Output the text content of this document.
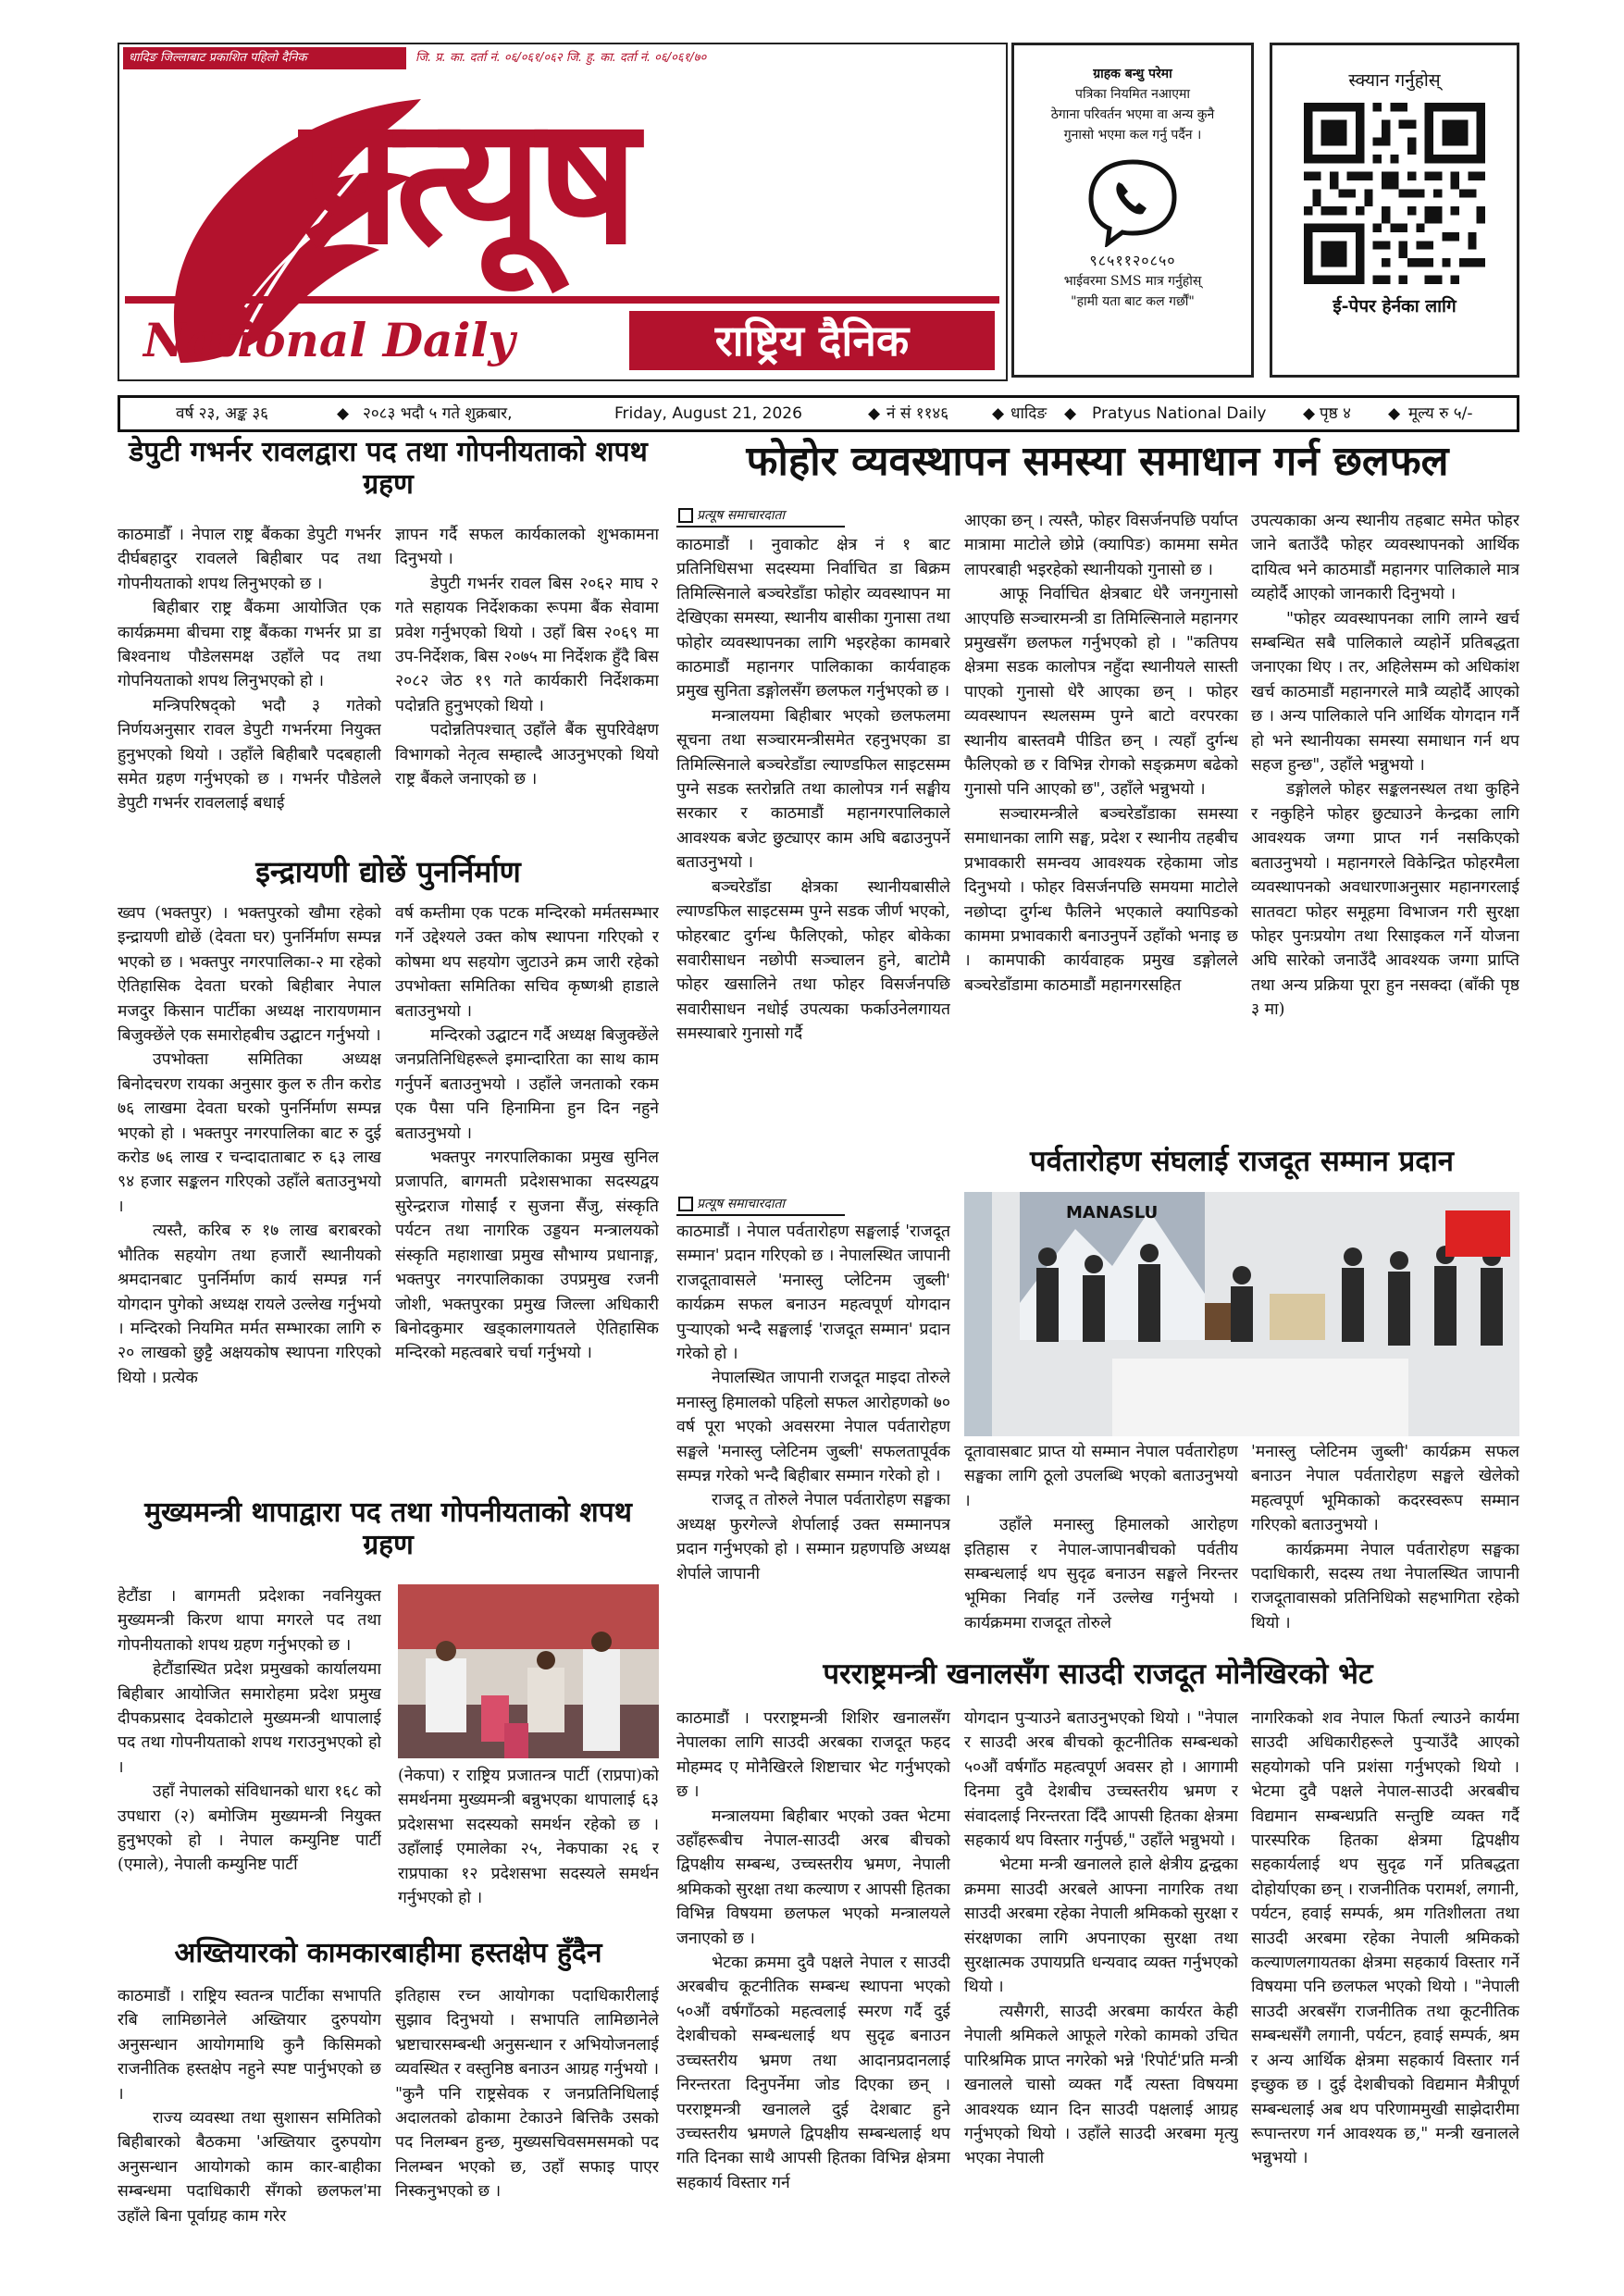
धादिङ जिल्लाबाट प्रकाशित पहिलो दैनिक	जि. प्र. का. दर्ता नं. ०६/०६१/०६२ जि. हु. का. दर्ता नं. ०६/०६१/७०
प्रत्यूष
National Daily	राष्ट्रिय दैनिक
ग्राहक बन्धु परेमा
पत्रिका नियमित नआएमा
ठेगाना परिवर्तन भएमा वा अन्य कुनै
गुनासो भएमा कल गर्नु पर्दैन ।
९८५११२०८५०
भाईवरमा SMS मात्र गर्नुहोस्
"हामी यता बाट कल गर्छौं"
स्क्यान गर्नुहोस्
ई-पेपर हेर्नका लागि
वर्ष २३, अङ्क ३६	◆ २०८३ भदौ ५ गते शुक्रबार,	Friday, August 21, 2026	◆ नं सं ११४६	◆ धादिङ ◆ Pratyus National Daily ◆ पृष्ठ ४ ◆ मूल्य रु ५/-
डेपुटी गभर्नर रावलद्वारा पद तथा गोपनीयताको शपथ ग्रहण

काठमाडौँ । नेपाल राष्ट्र बैंकका डेपुटी गभर्नर दीर्घबहादुर रावलले बिहीबार पद तथा गोपनीयताको शपथ लिनुभएको छ ।

बिहीबार राष्ट्र बैंकमा आयोजित एक कार्यक्रममा बीचमा राष्ट्र बैंकका गभर्नर प्रा डा बिश्वनाथ पौडेलसमक्ष उहाँले पद तथा गोपनियताको शपथ लिनुभएको हो ।

मन्त्रिपरिषद्को भदौ ३ गतेको निर्णयअनुसार रावल डेपुटी गभर्नरमा नियुक्त हुनुभएको थियो । उहाँले बिहीबारै पदबहाली समेत ग्रहण गर्नुभएको छ । गभर्नर पौडेलले डेपुटी गभर्नर रावललाई बधाई

ज्ञापन गर्दै सफल कार्यकालको शुभकामना दिनुभयो ।

डेपुटी गभर्नर रावल बिस २०६२ माघ २ गते सहायक निर्देशकका रूपमा बैंक सेवामा प्रवेश गर्नुभएको थियो । उहाँ बिस २०६९ मा उप-निर्देशक, बिस २०७५ मा निर्देशक हुँदै बिस २०८२ जेठ १९ गते कार्यकारी निर्देशकमा पदोन्नति हुनुभएको थियो ।

पदोन्नतिपश्चात् उहाँले बैंक सुपरिवेक्षण विभागको नेतृत्व सम्हाल्दै आउनुभएको थियो राष्ट्र बैंकले जनाएको छ ।

इन्द्रायणी द्योछें पुनर्निर्माण

ख्वप (भक्तपुर) । भक्तपुरको खौमा रहेको इन्द्रायणी द्योछें (देवता घर) पुनर्निर्माण सम्पन्न भएको छ । भक्तपुर नगरपालिका-२ मा रहेको ऐतिहासिक देवता घरको बिहीबार नेपाल मजदुर किसान पार्टीका अध्यक्ष नारायणमान बिजुक्छेंले एक समारोहबीच उद्घाटन गर्नुभयो ।

उपभोक्ता समितिका अध्यक्ष बिनोदचरण रायका अनुसार कुल रु तीन करोड ७६ लाखमा देवता घरको पुनर्निर्माण सम्पन्न भएको हो । भक्तपुर नगरपालिका बाट रु दुई करोड ७६ लाख र चन्दादाताबाट रु ६३ लाख ९४ हजार सङ्कलन गरिएको उहाँले बताउनुभयो ।

त्यस्तै, करिब रु १७ लाख बराबरको भौतिक सहयोग तथा हजारौं स्थानीयको श्रमदानबाट पुनर्निर्माण कार्य सम्पन्न गर्न योगदान पुगेको अध्यक्ष रायले उल्लेख गर्नुभयो । मन्दिरको नियमित मर्मत सम्भारका लागि रु २० लाखको छुट्टै अक्षयकोष स्थापना गरिएको थियो । प्रत्येक

वर्ष कम्तीमा एक पटक मन्दिरको मर्मतसम्भार गर्ने उद्देश्यले उक्त कोष स्थापना गरिएको र कोषमा थप सहयोग जुटाउने क्रम जारी रहेको उपभोक्ता समितिका सचिव कृष्णश्री हाडाले बताउनुभयो ।

मन्दिरको उद्घाटन गर्दै अध्यक्ष बिजुक्छेंले जनप्रतिनिधिहरूले इमान्दारिता का साथ काम गर्नुपर्ने बताउनुभयो । उहाँले जनताको रकम एक पैसा पनि हिनामिना हुन दिन नहुने बताउनुभयो ।

भक्तपुर नगरपालिकाका प्रमुख सुनिल प्रजापति, बागमती प्रदेशसभाका सदस्यद्वय सुरेन्द्रराज गोसाईं र सुजना सैंजु, संस्कृति पर्यटन तथा नागरिक उड्डयन मन्त्रालयको संस्कृति महाशाखा प्रमुख सौभाग्य प्रधानाङ्ग, भक्तपुर नगरपालिकाका उपप्रमुख रजनी जोशी, भक्तपुरका प्रमुख जिल्ला अधिकारी बिनोदकुमार खड्कालगायतले ऐतिहासिक मन्दिरको महत्वबारे चर्चा गर्नुभयो ।

मुख्यमन्त्री थापाद्वारा पद तथा गोपनीयताको शपथ ग्रहण

हेटौंडा । बागमती प्रदेशका नवनियुक्त मुख्यमन्त्री किरण थापा मगरले पद तथा गोपनीयताको शपथ ग्रहण गर्नुभएको छ ।

हेटौंडास्थित प्रदेश प्रमुखको कार्यालयमा बिहीबार आयोजित समारोहमा प्रदेश प्रमुख दीपकप्रसाद देवकोटाले मुख्यमन्त्री थापालाई पद तथा गोपनीयताको शपथ गराउनुभएको हो ।

उहाँ नेपालको संविधानको धारा १६८ को उपधारा (२) बमोजिम मुख्यमन्त्री नियुक्त हुनुभएको हो । नेपाल कम्युनिष्ट पार्टी (एमाले), नेपाली कम्युनिष्ट पार्टी

(नेकपा) र राष्ट्रिय प्रजातन्त्र पार्टी (राप्रपा)को समर्थनमा मुख्यमन्त्री बन्नुभएका थापालाई ६३ प्रदेशसभा सदस्यको समर्थन रहेको छ । उहाँलाई एमालेका २५, नेकपाका २६ र राप्रपाका १२ प्रदेशसभा सदस्यले समर्थन गर्नुभएको हो ।

अख्तियारको कामकारबाहीमा हस्तक्षेप हुँदैन

काठमाडौं । राष्ट्रिय स्वतन्त्र पार्टीका सभापति रबि लामिछानेले अख्तियार दुरुपयोग अनुसन्धान आयोगमाथि कुनै किसिमको राजनीतिक हस्तक्षेप नहुने स्पष्ट पार्नुभएको छ ।

राज्य व्यवस्था तथा सुशासन समितिको बिहीबारको बैठकमा 'अख्तियार दुरुपयोग अनुसन्धान आयोगको काम कार-बाहीका सम्बन्धमा पदाधिकारी सँगको छलफल'मा उहाँले बिना पूर्वाग्रह काम गरेर

इतिहास रच्न आयोगका पदाधिकारीलाई सुझाव दिनुभयो । सभापति लामिछानेले भ्रष्टाचारसम्बन्धी अनुसन्धान र अभियोजनलाई व्यवस्थित र वस्तुनिष्ठ बनाउन आग्रह गर्नुभयो । "कुनै पनि राष्ट्रसेवक र जनप्रतिनिधिलाई अदालतको ढोकामा टेकाउने बित्तिकै उसको पद निलम्बन हुन्छ, मुख्यसचिवसमसमको पद निलम्बन भएको छ, उहाँ सफाइ पाएर निस्कनुभएको छ ।

फोहोर व्यवस्थापन समस्या समाधान गर्न छलफल
प्रत्यूष समाचारदाता

काठमाडौं । नुवाकोट क्षेत्र नं १ बाट प्रतिनिधिसभा सदस्यमा निर्वाचित डा बिक्रम तिमिल्सिनाले बञ्चरेडाँडा फोहोर व्यवस्थापन मा देखिएका समस्या, स्थानीय बासीका गुनासा तथा फोहोर व्यवस्थापनका लागि भइरहेका कामबारे काठमाडौं महानगर पालिकाका कार्यवाहक प्रमुख सुनिता डङ्गोलसँग छलफल गर्नुभएको छ ।

मन्त्रालयमा बिहीबार भएको छलफलमा सूचना तथा सञ्चारमन्त्रीसमेत रहनुभएका डा तिमिल्सिनाले बञ्चरेडाँडा ल्याण्डफिल साइटसम्म पुग्ने सडक स्तरोन्नति तथा कालोपत्र गर्न सङ्घीय सरकार र काठमाडौं महानगरपालिकाले आवश्यक बजेट छुट्याएर काम अघि बढाउनुपर्ने बताउनुभयो ।

बञ्चरेडाँडा क्षेत्रका स्थानीयबासीले ल्याण्डफिल साइटसम्म पुग्ने सडक जीर्ण भएको, फोहरबाट दुर्गन्ध फैलिएको, फोहर बोकेका सवारीसाधन नछोपी सञ्चालन हुने, बाटोमै फोहर खसालिने तथा फोहर विसर्जनपछि सवारीसाधन नधोई उपत्यका फर्काउनेलगायत समस्याबारे गुनासो गर्दै

आएका छन् । त्यस्तै, फोहर विसर्जनपछि पर्याप्त मात्रामा माटोले छोप्ने (क्यापिङ) काममा समेत लापरबाही भइरहेको स्थानीयको गुनासो छ ।

आफू निर्वाचित क्षेत्रबाट धेरै जनगुनासो आएपछि सञ्चारमन्त्री डा तिमिल्सिनाले महानगर प्रमुखसँग छलफल गर्नुभएको हो । "कतिपय क्षेत्रमा सडक कालोपत्र नहुँदा स्थानीयले सास्ती पाएको गुनासो धेरै आएका छन् । फोहर व्यवस्थापन स्थलसम्म पुग्ने बाटो वरपरका स्थानीय बास्तवमै पीडित छन् । त्यहाँ दुर्गन्ध फैलिएको छ र विभिन्न रोगको सङ्क्रमण बढेको गुनासो पनि आएको छ", उहाँले भन्नुभयो ।

सञ्चारमन्त्रीले बञ्चरेडाँडाका समस्या समाधानका लागि सङ्घ, प्रदेश र स्थानीय तहबीच प्रभावकारी समन्वय आवश्यक रहेकामा जोड दिनुभयो । फोहर विसर्जनपछि समयमा माटोले नछोप्दा दुर्गन्ध फैलिने भएकाले क्यापिङको काममा प्रभावकारी बनाउनुपर्ने उहाँको भनाइ छ । कामपाकी कार्यवाहक प्रमुख डङ्गोलले बञ्चरेडाँडामा काठमाडौं महानगरसहित

उपत्यकाका अन्य स्थानीय तहबाट समेत फोहर जाने बताउँदै फोहर व्यवस्थापनको आर्थिक दायित्व भने काठमाडौं महानगर पालिकाले मात्र व्यहोर्दै आएको जानकारी दिनुभयो ।

"फोहर व्यवस्थापनका लागि लाग्ने खर्च सम्बन्धित सबै पालिकाले व्यहोर्ने प्रतिबद्धता जनाएका थिए । तर, अहिलेसम्म को अधिकांश खर्च काठमाडौं महानगरले मात्रै व्यहोर्दै आएको छ । अन्य पालिकाले पनि आर्थिक योगदान गर्नै हो भने स्थानीयका समस्या समाधान गर्न थप सहज हुन्छ", उहाँले भन्नुभयो ।

डङ्गोलले फोहर सङ्कलनस्थल तथा कुहिने र नकुहिने फोहर छुट्याउने केन्द्रका लागि आवश्यक जग्गा प्राप्त गर्न नसकिएको बताउनुभयो । महानगरले विकेन्द्रित फोहरमैला व्यवस्थापनको अवधारणाअनुसार महानगरलाई सातवटा फोहर समूहमा विभाजन गरी सुरक्षा फोहर पुनःप्रयोग तथा रिसाइकल गर्ने योजना अघि सारेको जनाउँदै आवश्यक जग्गा प्राप्ति तथा अन्य प्रक्रिया पूरा हुन नसक्दा (बाँकी पृष्ठ ३ मा)

पर्वतारोहण संघलाई राजदूत सम्मान प्रदान
प्रत्यूष समाचारदाता

काठमाडौं । नेपाल पर्वतारोहण सङ्घलाई 'राजदूत सम्मान' प्रदान गरिएको छ । नेपालस्थित जापानी राजदूतावासले 'मनास्लु प्लेटिनम जुब्ली' कार्यक्रम सफल बनाउन महत्वपूर्ण योगदान पुऱ्याएको भन्दै सङ्घलाई 'राजदूत सम्मान' प्रदान गरेको हो ।

नेपालस्थित जापानी राजदूत माइदा तोरुले मनास्लु हिमालको पहिलो सफल आरोहणको ७० वर्ष पूरा भएको अवसरमा नेपाल पर्वतारोहण सङ्घले 'मनास्लु प्लेटिनम जुब्ली' सफलतापूर्वक सम्पन्न गरेको भन्दै बिहीबार सम्मान गरेको हो ।

राजदू त तोरुले नेपाल पर्वतारोहण सङ्घका अध्यक्ष फुरगेल्जे शेर्पालाई उक्त सम्मानपत्र प्रदान गर्नुभएको हो । सम्मान ग्रहणपछि अध्यक्ष शेर्पाले जापानी

MANASLU

दूतावासबाट प्राप्त यो सम्मान नेपाल पर्वतारोहण सङ्घका लागि ठूलो उपलब्धि भएको बताउनुभयो ।

उहाँले मनास्लु हिमालको आरोहण इतिहास र नेपाल-जापानबीचको पर्वतीय सम्बन्धलाई थप सुदृढ बनाउन सङ्घले निरन्तर भूमिका निर्वाह गर्ने उल्लेख गर्नुभयो । कार्यक्रममा राजदूत तोरुले

'मनास्लु प्लेटिनम जुब्ली' कार्यक्रम सफल बनाउन नेपाल पर्वतारोहण सङ्घले खेलेको महत्वपूर्ण भूमिकाको कदरस्वरूप सम्मान गरिएको बताउनुभयो ।

कार्यक्रममा नेपाल पर्वतारोहण सङ्घका पदाधिकारी, सदस्य तथा नेपालस्थित जापानी राजदूतावासको प्रतिनिधिको सहभागिता रहेको थियो ।

परराष्ट्रमन्त्री खनालसँग साउदी राजदूत मोनैखिरको भेट

काठमाडौं । परराष्ट्रमन्त्री शिशिर खनालसँग नेपालका लागि साउदी अरबका राजदूत फहद मोहम्मद ए मोनैखिरले शिष्टाचार भेट गर्नुभएको छ ।

मन्त्रालयमा बिहीबार भएको उक्त भेटमा उहाँहरूबीच नेपाल-साउदी अरब बीचको द्विपक्षीय सम्बन्ध, उच्चस्तरीय भ्रमण, नेपाली श्रमिकको सुरक्षा तथा कल्याण र आपसी हितका विभिन्न विषयमा छलफल भएको मन्त्रालयले जनाएको छ ।

भेटका क्रममा दुवै पक्षले नेपाल र साउदी अरबबीच कूटनीतिक सम्बन्ध स्थापना भएको ५०औं वर्षगाँठको महत्वलाई स्मरण गर्दै दुई देशबीचको सम्बन्धलाई थप सुदृढ बनाउन उच्चस्तरीय भ्रमण तथा आदानप्रदानलाई निरन्तरता दिनुपर्नेमा जोड दिएका छन् । परराष्ट्रमन्त्री खनालले दुई देशबाट हुने उच्चस्तरीय भ्रमणले द्विपक्षीय सम्बन्धलाई थप गति दिनका साथै आपसी हितका विभिन्न क्षेत्रमा सहकार्य विस्तार गर्न

योगदान पुऱ्याउने बताउनुभएको थियो । "नेपाल र साउदी अरब बीचको कूटनीतिक सम्बन्धको ५०औं वर्षगाँठ महत्वपूर्ण अवसर हो । आगामी दिनमा दुवै देशबीच उच्चस्तरीय भ्रमण र संवादलाई निरन्तरता दिँदै आपसी हितका क्षेत्रमा सहकार्य थप विस्तार गर्नुपर्छ," उहाँले भन्नुभयो ।

भेटमा मन्त्री खनालले हाले क्षेत्रीय द्वन्द्वका क्रममा साउदी अरबले आफ्ना नागरिक तथा साउदी अरबमा रहेका नेपाली श्रमिकको सुरक्षा र संरक्षणका लागि अपनाएका सुरक्षा तथा सुरक्षात्मक उपायप्रति धन्यवाद व्यक्त गर्नुभएको थियो ।

त्यसैगरी, साउदी अरबमा कार्यरत केही नेपाली श्रमिकले आफूले गरेको कामको उचित पारिश्रमिक प्राप्त नगरेको भन्ने 'रिपोर्ट'प्रति मन्त्री खनालले चासो व्यक्त गर्दै त्यस्ता विषयमा आवश्यक ध्यान दिन साउदी पक्षलाई आग्रह गर्नुभएको थियो । उहाँले साउदी अरबमा मृत्यु भएका नेपाली

नागरिकको शव नेपाल फिर्ता ल्याउने कार्यमा साउदी अधिकारीहरूले पुऱ्याउँदै आएको सहयोगको पनि प्रशंसा गर्नुभएको थियो । भेटमा दुवै पक्षले नेपाल-साउदी अरबबीच विद्यमान सम्बन्धप्रति सन्तुष्टि व्यक्त गर्दै पारस्परिक हितका क्षेत्रमा द्विपक्षीय सहकार्यलाई थप सुदृढ गर्ने प्रतिबद्धता दोहोर्याएका छन् । राजनीतिक परामर्श, लगानी, पर्यटन, हवाई सम्पर्क, श्रम गतिशीलता तथा साउदी अरबमा रहेका नेपाली श्रमिकको कल्याणलगायतका क्षेत्रमा सहकार्य विस्तार गर्ने विषयमा पनि छलफल भएको थियो । "नेपाली साउदी अरबसँग राजनीतिक तथा कूटनीतिक सम्बन्धसँगै लगानी, पर्यटन, हवाई सम्पर्क, श्रम र अन्य आर्थिक क्षेत्रमा सहकार्य विस्तार गर्न इच्छुक छ । दुई देशबीचको विद्यमान मैत्रीपूर्ण सम्बन्धलाई अब थप परिणाममुखी साझेदारीमा रूपान्तरण गर्न आवश्यक छ," मन्त्री खनालले भन्नुभयो ।
